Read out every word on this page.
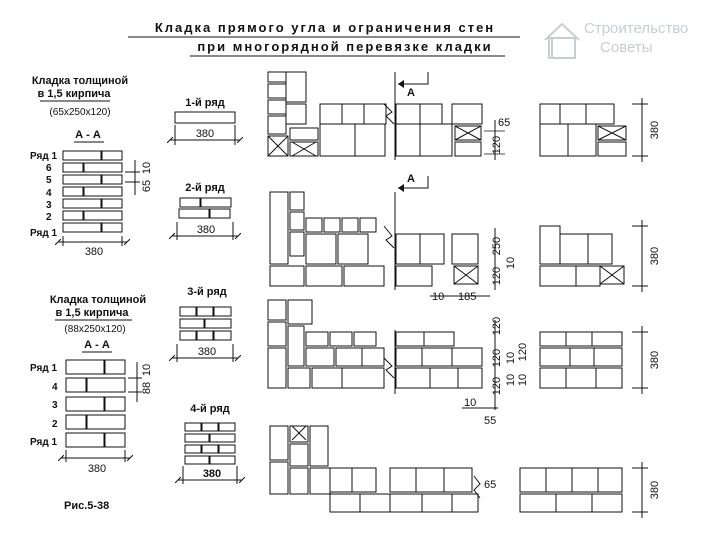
Кладка прямого угла и ограничения стен
при многорядной перевязке кладки
Строительство
Советы
Кладка толщиной
в 1,5 кирпича
(65х250х120)
А - А
Ряд 1
6
5
4
3
2
Ряд 1
380
10
65
Кладка толщиной
в 1,5 кирпича
(88х250х120)
А - А
Ряд 1
4
3
2
Ряд 1
380
10
88
1-й ряд
380
2-й ряд
380
3-й ряд
380
4-й ряд
380
А
65
120
380
А
250
120
10
10 185
380
120
120 10
120 10
120
10
10
55
380
65	380
Рис.5-38
